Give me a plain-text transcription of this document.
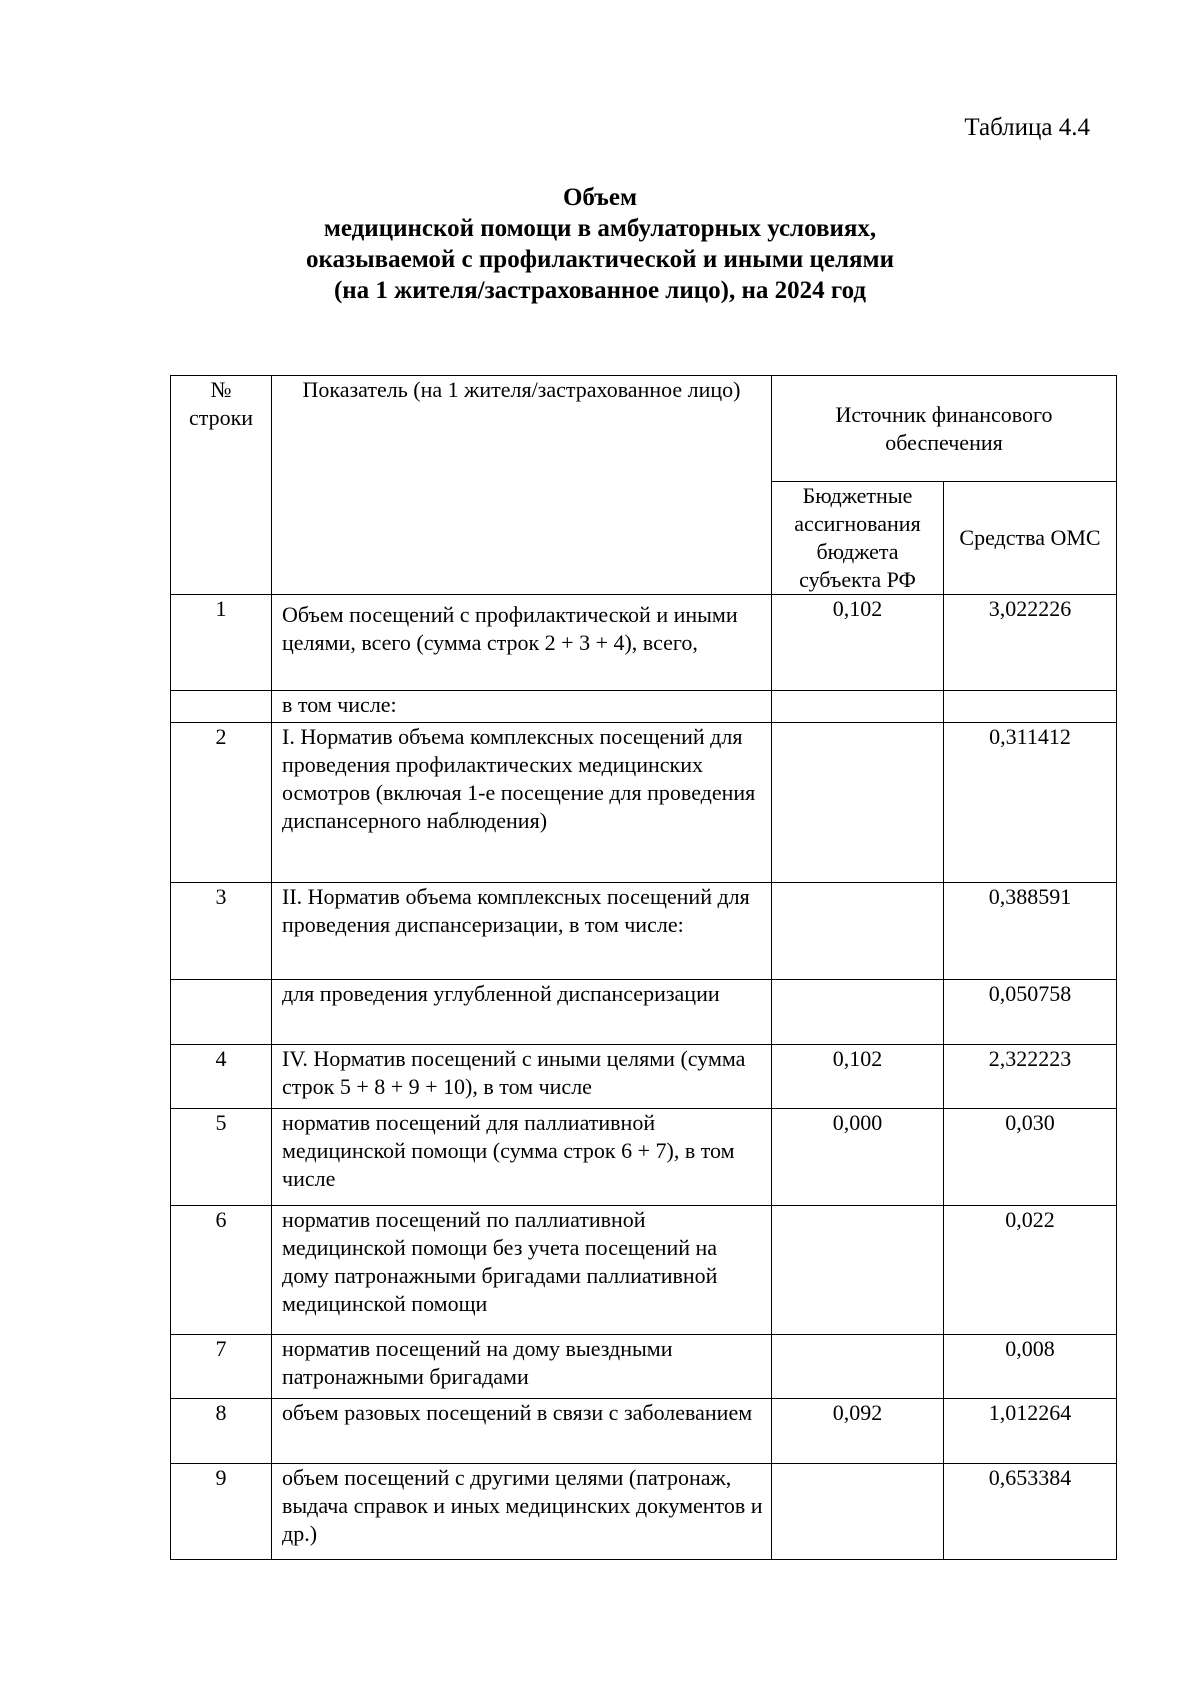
Таблица 4.4
Объем
медицинской помощи в амбулаторных условиях,
оказываемой с профилактической и иными целями
(на 1 жителя/застрахованное лицо), на 2024 год
№ строки	Показатель (на 1 жителя/застрахованное лицо)	Источник финансового обеспечения	
		Бюджетные ассигнования бюджета субъекта РФ	Средства ОМС
1	Объем посещений с профилактической и иными целями, всего (сумма строк 2 + 3 + 4), всего,	0,102	3,022226
	в том числе:		
2	I. Норматив объема комплексных посещений для проведения профилактических медицинских осмотров (включая 1-е посещение для проведения диспансерного наблюдения)		0,311412
3	II. Норматив объема комплексных посещений для проведения диспансеризации, в том числе:		0,388591
	для проведения углубленной диспансеризации		0,050758
4	IV. Норматив посещений с иными целями (сумма строк 5 + 8 + 9 + 10), в том числе	0,102	2,322223
5	норматив посещений для паллиативной медицинской помощи (сумма строк 6 + 7), в том числе	0,000	0,030
6	норматив посещений по паллиативной медицинской помощи без учета посещений на дому патронажными бригадами паллиативной медицинской помощи		0,022
7	норматив посещений на дому выездными патронажными бригадами		0,008
8	объем разовых посещений в связи с заболеванием	0,092	1,012264
9	объем посещений с другими целями (патронаж, выдача справок и иных медицинских документов и др.)		0,653384
